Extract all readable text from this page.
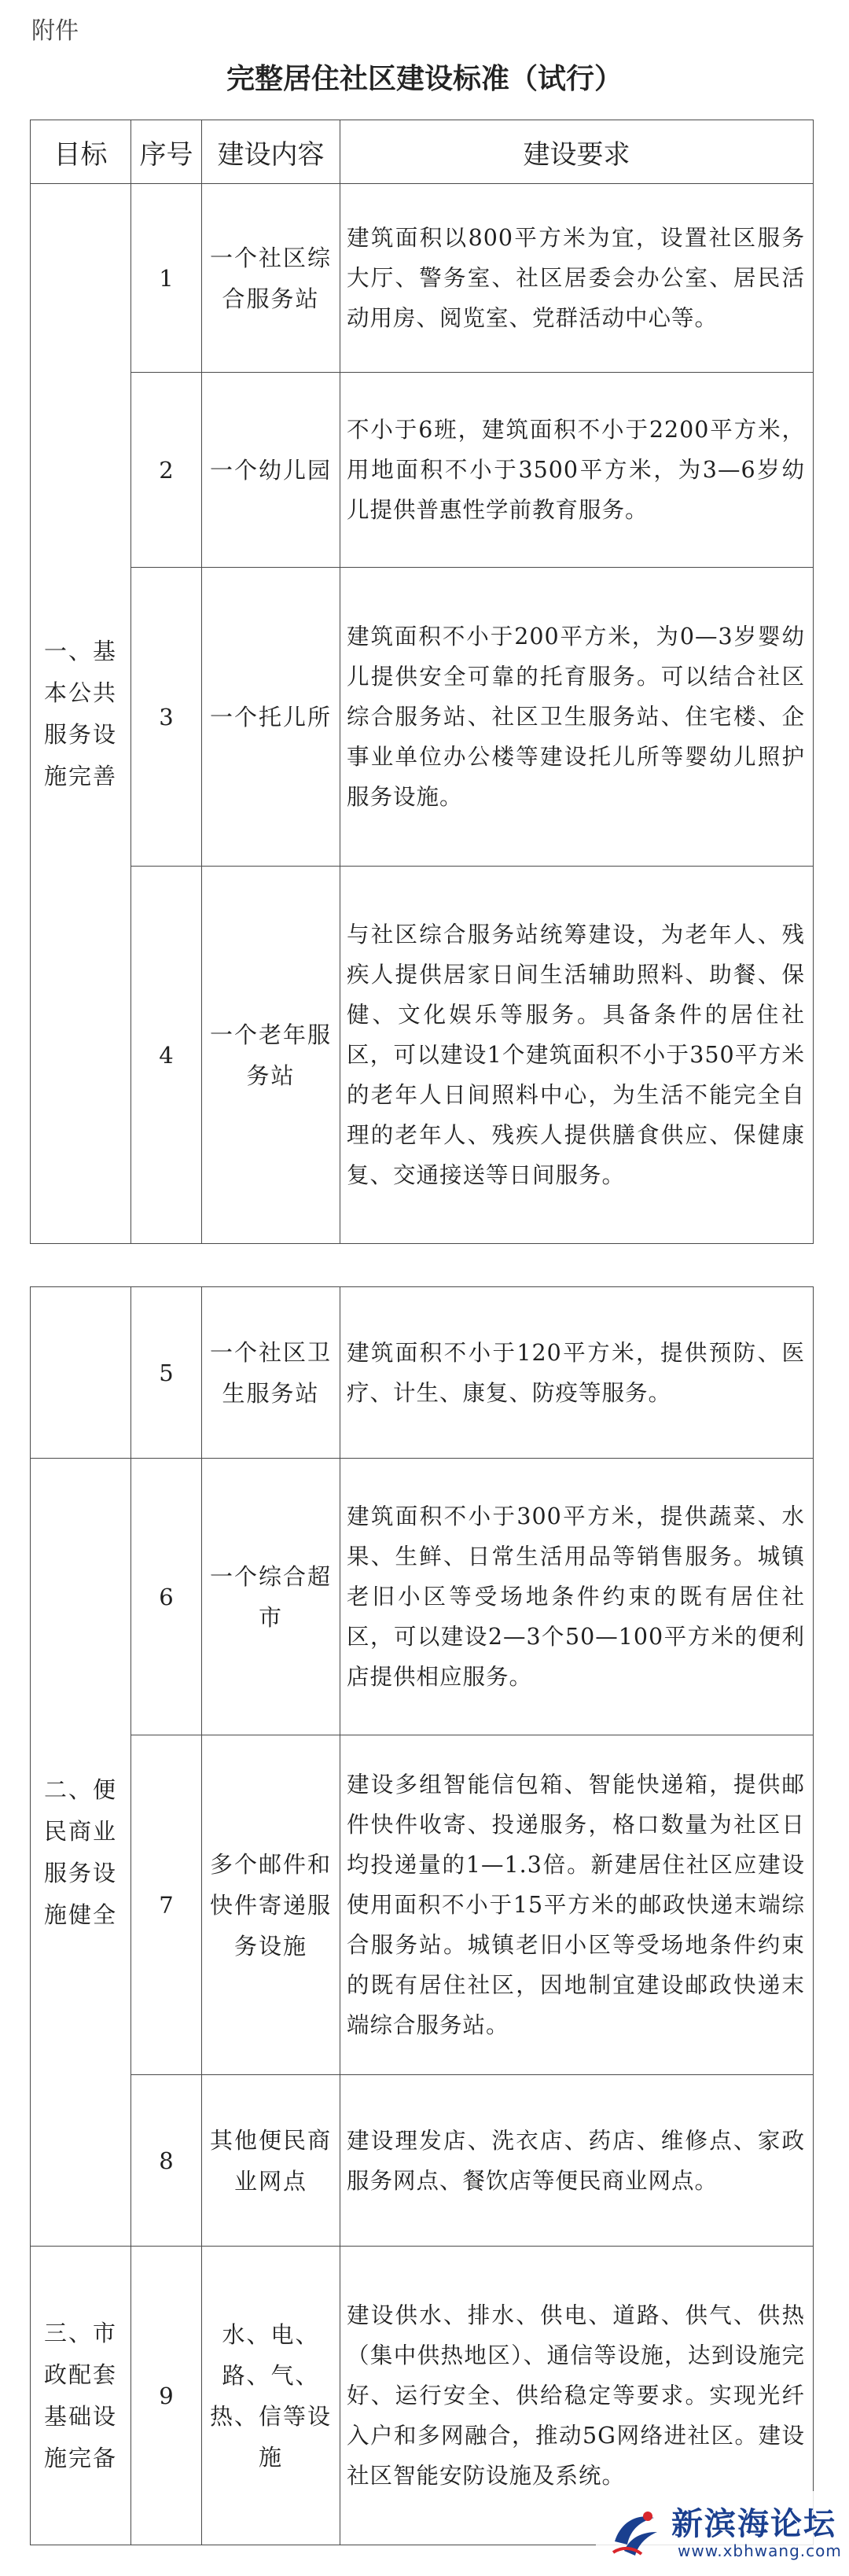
附件
完整居住社区建设标准（试行）
目标	序号	建设内容	建设要求
一、基本公共服务设施完善	1	一个社区综合服务站	建筑面积以800平方米为宜，设置社区服务大厅、警务室、社区居委会办公室、居民活动用房、阅览室、党群活动中心等。
	2	一个幼儿园	不小于6班，建筑面积不小于2200平方米，用地面积不小于3500平方米，为3—6岁幼儿提供普惠性学前教育服务。
	3	一个托儿所	建筑面积不小于200平方米，为0—3岁婴幼儿提供安全可靠的托育服务。可以结合社区综合服务站、社区卫生服务站、住宅楼、企事业单位办公楼等建设托儿所等婴幼儿照护服务设施。
	4	一个老年服务站	与社区综合服务站统筹建设，为老年人、残疾人提供居家日间生活辅助照料、助餐、保健、文化娱乐等服务。具备条件的居住社区，可以建设1个建筑面积不小于350平方米的老年人日间照料中心，为生活不能完全自理的老年人、残疾人提供膳食供应、保健康复、交通接送等日间服务。
	5	一个社区卫生服务站	建筑面积不小于120平方米，提供预防、医疗、计生、康复、防疫等服务。
二、便民商业服务设施健全	6	一个综合超市	建筑面积不小于300平方米，提供蔬菜、水果、生鲜、日常生活用品等销售服务。城镇老旧小区等受场地条件约束的既有居住社区，可以建设2—3个50—100平方米的便利店提供相应服务。
	7	多个邮件和快件寄递服务设施	建设多组智能信包箱、智能快递箱，提供邮件快件收寄、投递服务，格口数量为社区日均投递量的1—1.3倍。新建居住社区应建设使用面积不小于15平方米的邮政快递末端综合服务站。城镇老旧小区等受场地条件约束的既有居住社区，因地制宜建设邮政快递末端综合服务站。
	8	其他便民商业网点	建设理发店、洗衣店、药店、维修点、家政服务网点、餐饮店等便民商业网点。
三、市政配套基础设施完备	9	水、电、路、气、热、信等设施	建设供水、排水、供电、道路、供气、供热（集中供热地区）、通信等设施，达到设施完好、运行安全、供给稳定等要求。实现光纤入户和多网融合，推动5G网络进社区。建设社区智能安防设施及系统。
新滨海论坛
www.xbhwang.com
